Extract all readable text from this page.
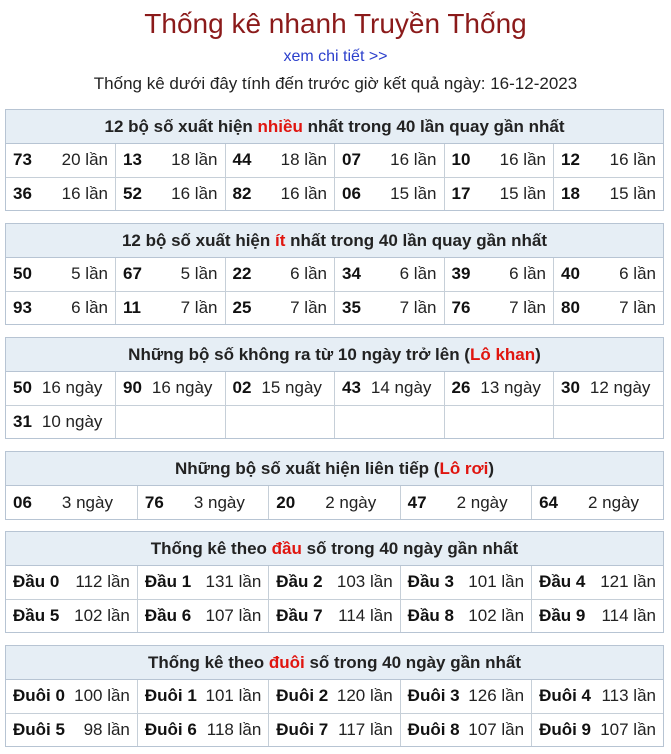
Thống kê nhanh Truyền Thống
xem chi tiết >>
Thống kê dưới đây tính đến trước giờ kết quả ngày: 16-12-2023
12 bộ số xuất hiện nhiều nhất trong 40 lần quay gần nhất
73 20 lần	13 18 lần	44 18 lần	07 16 lần	10 16 lần	12 16 lần

36 16 lần	52 16 lần	82 16 lần	06 15 lần	17 15 lần	18 15 lần
12 bộ số xuất hiện ít nhất trong 40 lần quay gần nhất
50 5 lần	67 5 lần	22 6 lần	34 6 lần	39 6 lần	40 6 lần

93 6 lần	11 7 lần	25 7 lần	35 7 lần	76 7 lần	80 7 lần
Những bộ số không ra từ 10 ngày trở lên (Lô khan)
50 16 ngày	90 16 ngày	02 15 ngày	43 14 ngày	26 13 ngày	30 12 ngày

31 10 ngày	

Những bộ số xuất hiện liên tiếp (Lô rơi)
06 3 ngày	76 3 ngày	20 2 ngày	47 2 ngày	64 2 ngày
Thống kê theo đầu số trong 40 ngày gần nhất
Đầu 0 112 lần	Đầu 1 131 lần	Đầu 2 103 lần	Đầu 3 101 lần	Đầu 4 121 lần

Đầu 5 102 lần	Đầu 6 107 lần	Đầu 7 114 lần	Đầu 8 102 lần	Đầu 9 114 lần
Thống kê theo đuôi số trong 40 ngày gần nhất
Đuôi 0 100 lần	Đuôi 1 101 lần	Đuôi 2 120 lần	Đuôi 3 126 lần	Đuôi 4 113 lần

Đuôi 5 98 lần	Đuôi 6 118 lần	Đuôi 7 117 lần	Đuôi 8 107 lần	Đuôi 9 107 lần
